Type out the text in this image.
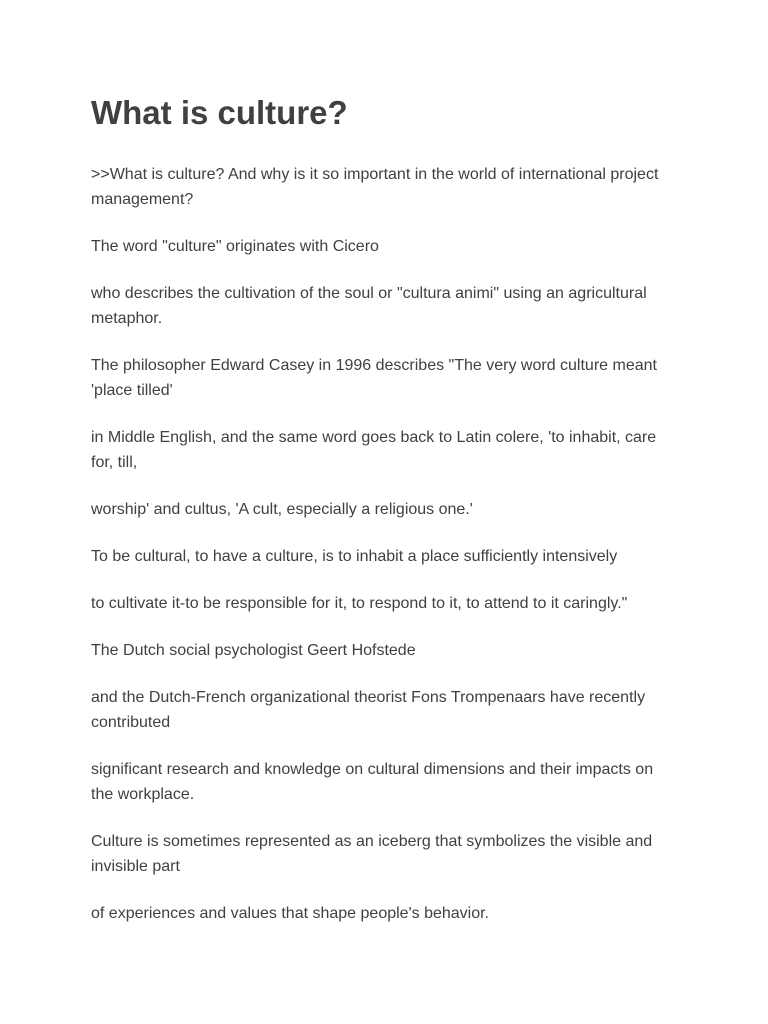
What is culture?

>>What is culture? And why is it so important in the world of international project management?

The word "culture" originates with Cicero

who describes the cultivation of the soul or "cultura animi" using an agricultural metaphor.

The philosopher Edward Casey in 1996 describes "The very word culture meant 'place tilled'

in Middle English, and the same word goes back to Latin colere, 'to inhabit, care for, till,

worship' and cultus, 'A cult, especially a religious one.'

To be cultural, to have a culture, is to inhabit a place sufficiently intensively

to cultivate it-to be responsible for it, to respond to it, to attend to it caringly."

The Dutch social psychologist Geert Hofstede

and the Dutch-French organizational theorist Fons Trompenaars have recently contributed

significant research and knowledge on cultural dimensions and their impacts on the workplace.

Culture is sometimes represented as an iceberg that symbolizes the visible and invisible part

of experiences and values that shape people's behavior.
